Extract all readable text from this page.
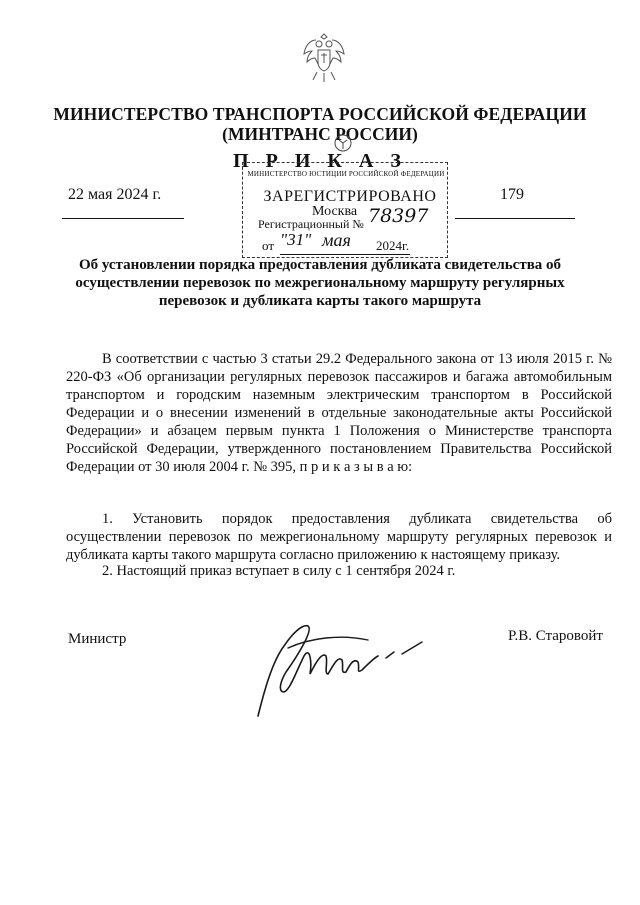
МИНИСТЕРСТВО ТРАНСПОРТА РОССИЙСКОЙ ФЕДЕРАЦИИ
(МИНТРАНС РОССИИ)
П Р И К А З
22 мая 2024 г.	179
МИНИСТЕРСТВО ЮСТИЦИИ РОССИЙСКОЙ ФЕДЕРАЦИИ
ЗАРЕГИСТРИРОВАНО
Москва
Регистрационный № 78397
от "31" мая 2024г.
Об установлении порядка предоставления дубликата свидетельства об осуществлении перевозок по межрегиональному маршруту регулярных перевозок и дубликата карты такого маршрута
В соответствии с частью 3 статьи 29.2 Федерального закона от 13 июля 2015 г. № 220-ФЗ «Об организации регулярных перевозок пассажиров и багажа автомобильным транспортом и городским наземным электрическим транспортом в Российской Федерации и о внесении изменений в отдельные законодательные акты Российской Федерации» и абзацем первым пункта 1 Положения о Министерстве транспорта Российской Федерации, утвержденного постановлением Правительства Российской Федерации от 30 июля 2004 г. № 395, п р и к а з ы в а ю:
1. Установить порядок предоставления дубликата свидетельства об осуществлении перевозок по межрегиональному маршруту регулярных перевозок и дубликата карты такого маршрута согласно приложению к настоящему приказу.
2. Настоящий приказ вступает в силу с 1 сентября 2024 г.
Министр	Р.В. Старовойт
